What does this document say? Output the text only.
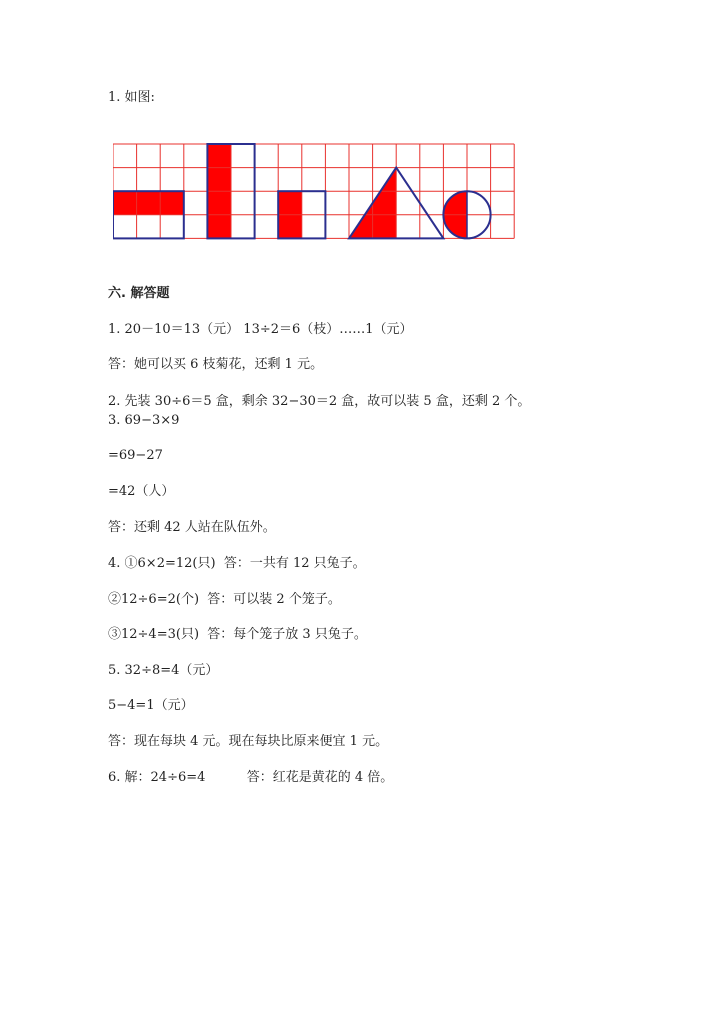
1. 如图:
六. 解答题
1. 20－10＝13（元） 13÷2＝6（枝）……1（元）
答：她可以买 6 枝菊花，还剩 1 元。
2. 先装 30÷6＝5 盒，剩余 32−30＝2 盒，故可以装 5 盒，还剩 2 个。
3. 69−3×9
=69−27
=42（人）
答：还剩 42 人站在队伍外。
4. ①6×2=12(只)  答：一共有 12 只兔子。
②12÷6=2(个)  答：可以装 2 个笼子。
③12÷4=3(只)  答：每个笼子放 3 只兔子。
5. 32÷8=4（元）
5−4=1（元）
答：现在每块 4 元。现在每块比原来便宜 1 元。
6. 解：24÷6=4          答：红花是黄花的 4 倍。
